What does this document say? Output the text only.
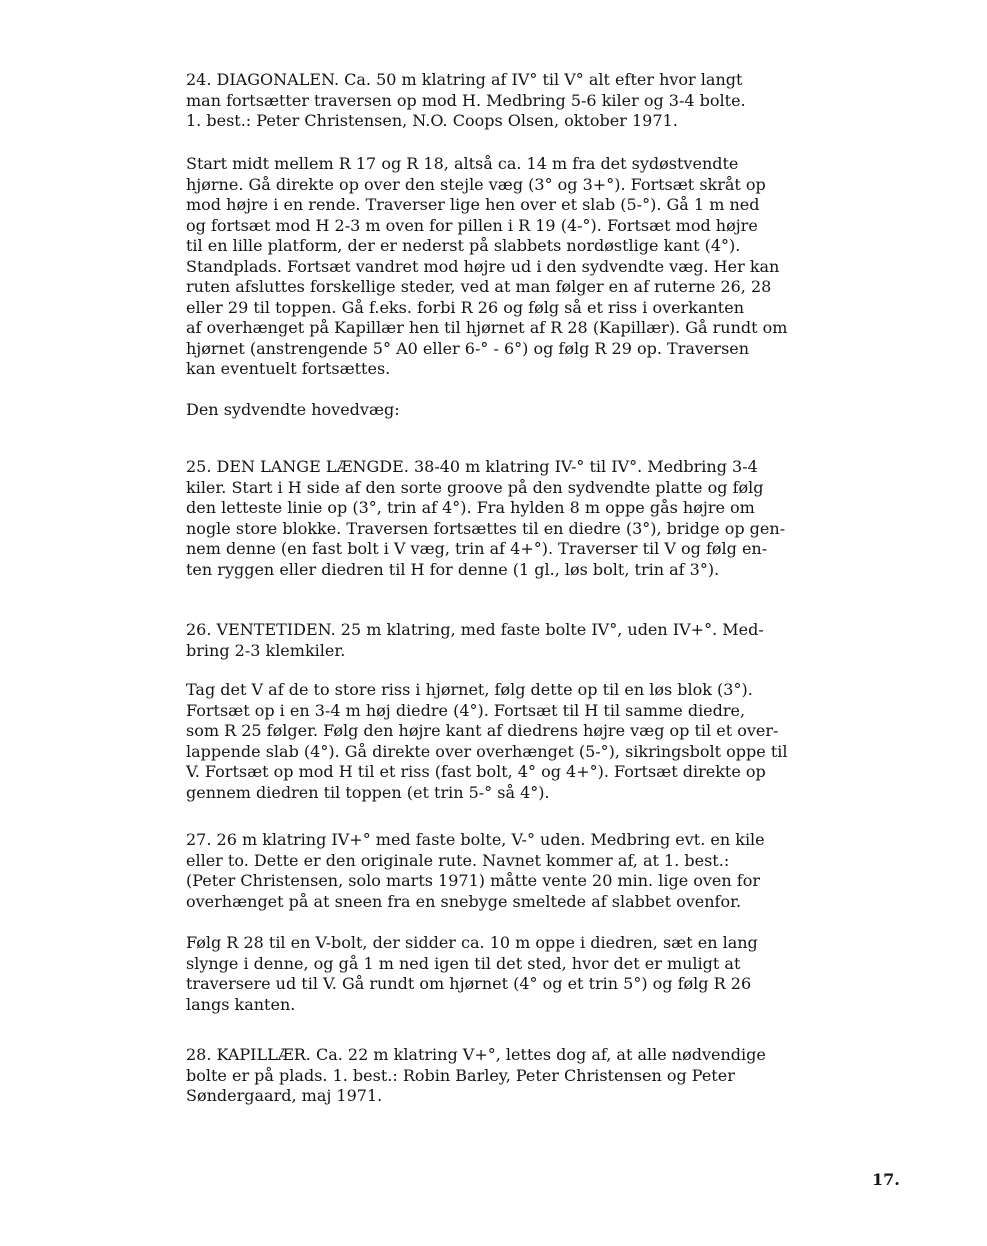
24. DIAGONALEN. Ca. 50 m klatring af IV° til V° alt efter hvor langt
man fortsætter traversen op mod H. Medbring 5-6 kiler og 3-4 bolte.
1. best.: Peter Christensen, N.O. Coops Olsen, oktober 1971.

Start midt mellem R 17 og R 18, altså ca. 14 m fra det sydøstvendte
hjørne. Gå direkte op over den stejle væg (3° og 3+°). Fortsæt skråt op
mod højre i en rende. Traverser lige hen over et slab (5-°). Gå 1 m ned
og fortsæt mod H 2-3 m oven for pillen i R 19 (4-°). Fortsæt mod højre
til en lille platform, der er nederst på slabbets nordøstlige kant (4°).
Standplads. Fortsæt vandret mod højre ud i den sydvendte væg. Her kan
ruten afsluttes forskellige steder, ved at man følger en af ruterne 26, 28
eller 29 til toppen. Gå f.eks. forbi R 26 og følg så et riss i overkanten
af overhænget på Kapillær hen til hjørnet af R 28 (Kapillær). Gå rundt om
hjørnet (anstrengende 5° A0 eller 6-° - 6°) og følg R 29 op. Traversen
kan eventuelt fortsættes.

Den sydvendte hovedvæg:

25. DEN LANGE LÆNGDE. 38-40 m klatring IV-° til IV°. Medbring 3-4
kiler. Start i H side af den sorte groove på den sydvendte platte og følg
den letteste linie op (3°, trin af 4°). Fra hylden 8 m oppe gås højre om
nogle store blokke. Traversen fortsættes til en diedre (3°), bridge op gen-
nem denne (en fast bolt i V væg, trin af 4+°). Traverser til V og følg en-
ten ryggen eller diedren til H for denne (1 gl., løs bolt, trin af 3°).

26. VENTETIDEN. 25 m klatring, med faste bolte IV°, uden IV+°. Med-
bring 2-3 klemkiler.

Tag det V af de to store riss i hjørnet, følg dette op til en løs blok (3°).
Fortsæt op i en 3-4 m høj diedre (4°). Fortsæt til H til samme diedre,
som R 25 følger. Følg den højre kant af diedrens højre væg op til et over-
lappende slab (4°). Gå direkte over overhænget (5-°), sikringsbolt oppe til
V. Fortsæt op mod H til et riss (fast bolt, 4° og 4+°). Fortsæt direkte op
gennem diedren til toppen (et trin 5-° så 4°).

27. 26 m klatring IV+° med faste bolte, V-° uden. Medbring evt. en kile
eller to. Dette er den originale rute. Navnet kommer af, at 1. best.:
(Peter Christensen, solo marts 1971) måtte vente 20 min. lige oven for
overhænget på at sneen fra en snebyge smeltede af slabbet ovenfor.

Følg R 28 til en V-bolt, der sidder ca. 10 m oppe i diedren, sæt en lang
slynge i denne, og gå 1 m ned igen til det sted, hvor det er muligt at
traversere ud til V. Gå rundt om hjørnet (4° og et trin 5°) og følg R 26
langs kanten.

28. KAPILLÆR. Ca. 22 m klatring V+°, lettes dog af, at alle nødvendige
bolte er på plads. 1. best.: Robin Barley, Peter Christensen og Peter
Søndergaard, maj 1971.

17.
